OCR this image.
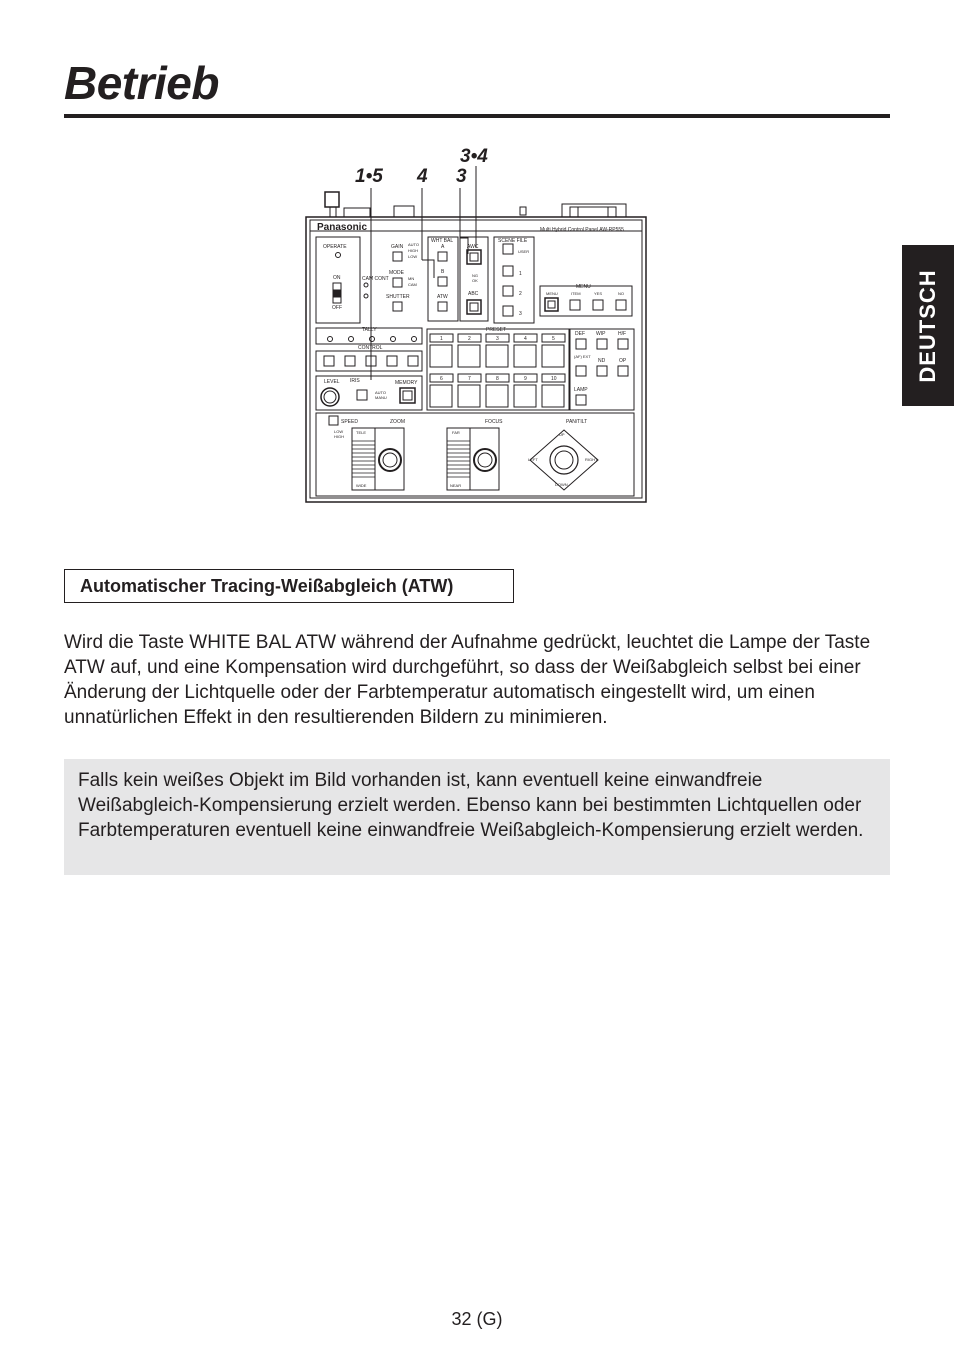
Betrieb
DEUTSCH
1•5 4 3
3•4
Panasonic	Multi Hybrid Control Panel AW-RP555
OPERATE
ON
OFF
CAM CONT
GAIN AUTO
HIGH
LOW
MODE
MN
CAM
SHUTTER
WHT BAL
A
B
ATW
AWC
NG
OK
ABC
SCENE FILE
USER
1
2
3
MENU
MENU	ITEM	YES	NO
TALLY
CONTROL
LEVEL IRIS
AUTO
MANU
MEMORY
PRESET
1	2	3	4	5
6	7	8	9	10
DEF WIP	H/F
(AF) EXT
ND	OP
LAMP
SPEED
LOW
HIGH
ZOOM
TELE
WIDE
FOCUS
FAR
NEAR
PAN/TILT
UP
DOWN
LEFT	RIGHT
Automatischer Tracing-Weißabgleich (ATW)

Wird die Taste WHITE BAL ATW während der Aufnahme gedrückt, leuchtet die Lampe der Taste ATW auf, und eine Kompensation wird durchgeführt, so dass der Weißabgleich selbst bei einer Änderung der Lichtquelle oder der Farbtemperatur automatisch eingestellt wird, um einen unnatürlichen Effekt in den resultierenden Bildern zu minimieren.

Falls kein weißes Objekt im Bild vorhanden ist, kann eventuell keine einwandfreie Weißabgleich-Kompensierung erzielt werden. Ebenso kann bei bestimmten Lichtquellen oder Farbtemperaturen eventuell keine einwandfreie Weißabgleich-Kompensierung erzielt werden.

32 (G)
